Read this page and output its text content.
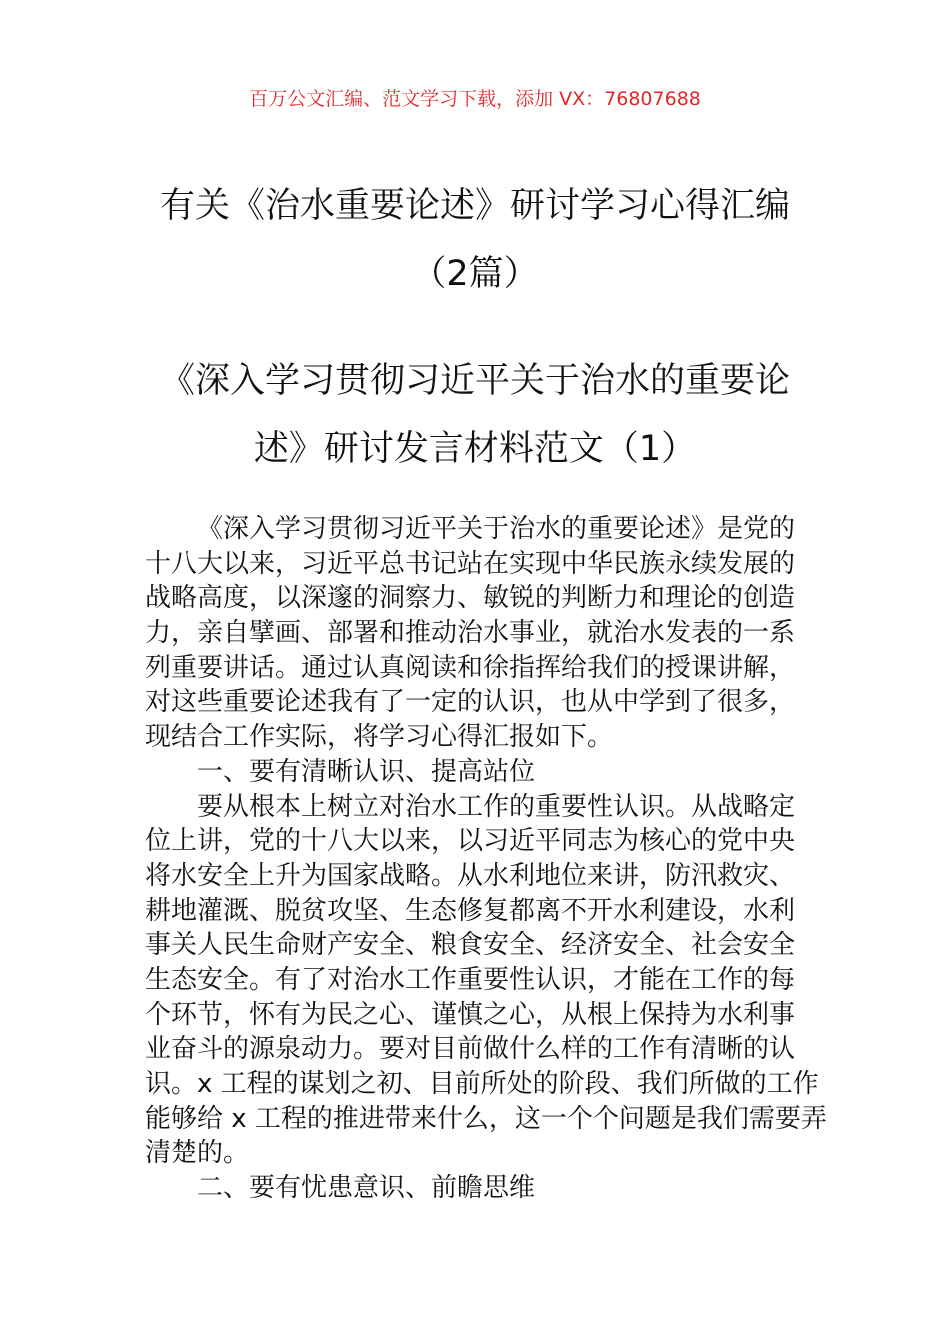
百万公文汇编、范文学习下载，添加 VX：76807688
有关《治水重要论述》研讨学习心得汇编
（2篇）
《深入学习贯彻习近平关于治水的重要论
述》研讨发言材料范文（1）
《深入学习贯彻习近平关于治水的重要论述》是党的
十八大以来，习近平总书记站在实现中华民族永续发展的
战略高度，以深邃的洞察力、敏锐的判断力和理论的创造
力，亲自擘画、部署和推动治水事业，就治水发表的一系
列重要讲话。通过认真阅读和徐指挥给我们的授课讲解，
对这些重要论述我有了一定的认识，也从中学到了很多，
现结合工作实际，将学习心得汇报如下。
一、要有清晰认识、提高站位
要从根本上树立对治水工作的重要性认识。从战略定
位上讲，党的十八大以来，以习近平同志为核心的党中央
将水安全上升为国家战略。从水利地位来讲，防汛救灾、
耕地灌溉、脱贫攻坚、生态修复都离不开水利建设，水利
事关人民生命财产安全、粮食安全、经济安全、社会安全
生态安全。有了对治水工作重要性认识，才能在工作的每
个环节，怀有为民之心、谨慎之心，从根上保持为水利事
业奋斗的源泉动力。要对目前做什么样的工作有清晰的认
识。x 工程的谋划之初、目前所处的阶段、我们所做的工作
能够给 x 工程的推进带来什么，这一个个问题是我们需要弄
清楚的。
二、要有忧患意识、前瞻思维
